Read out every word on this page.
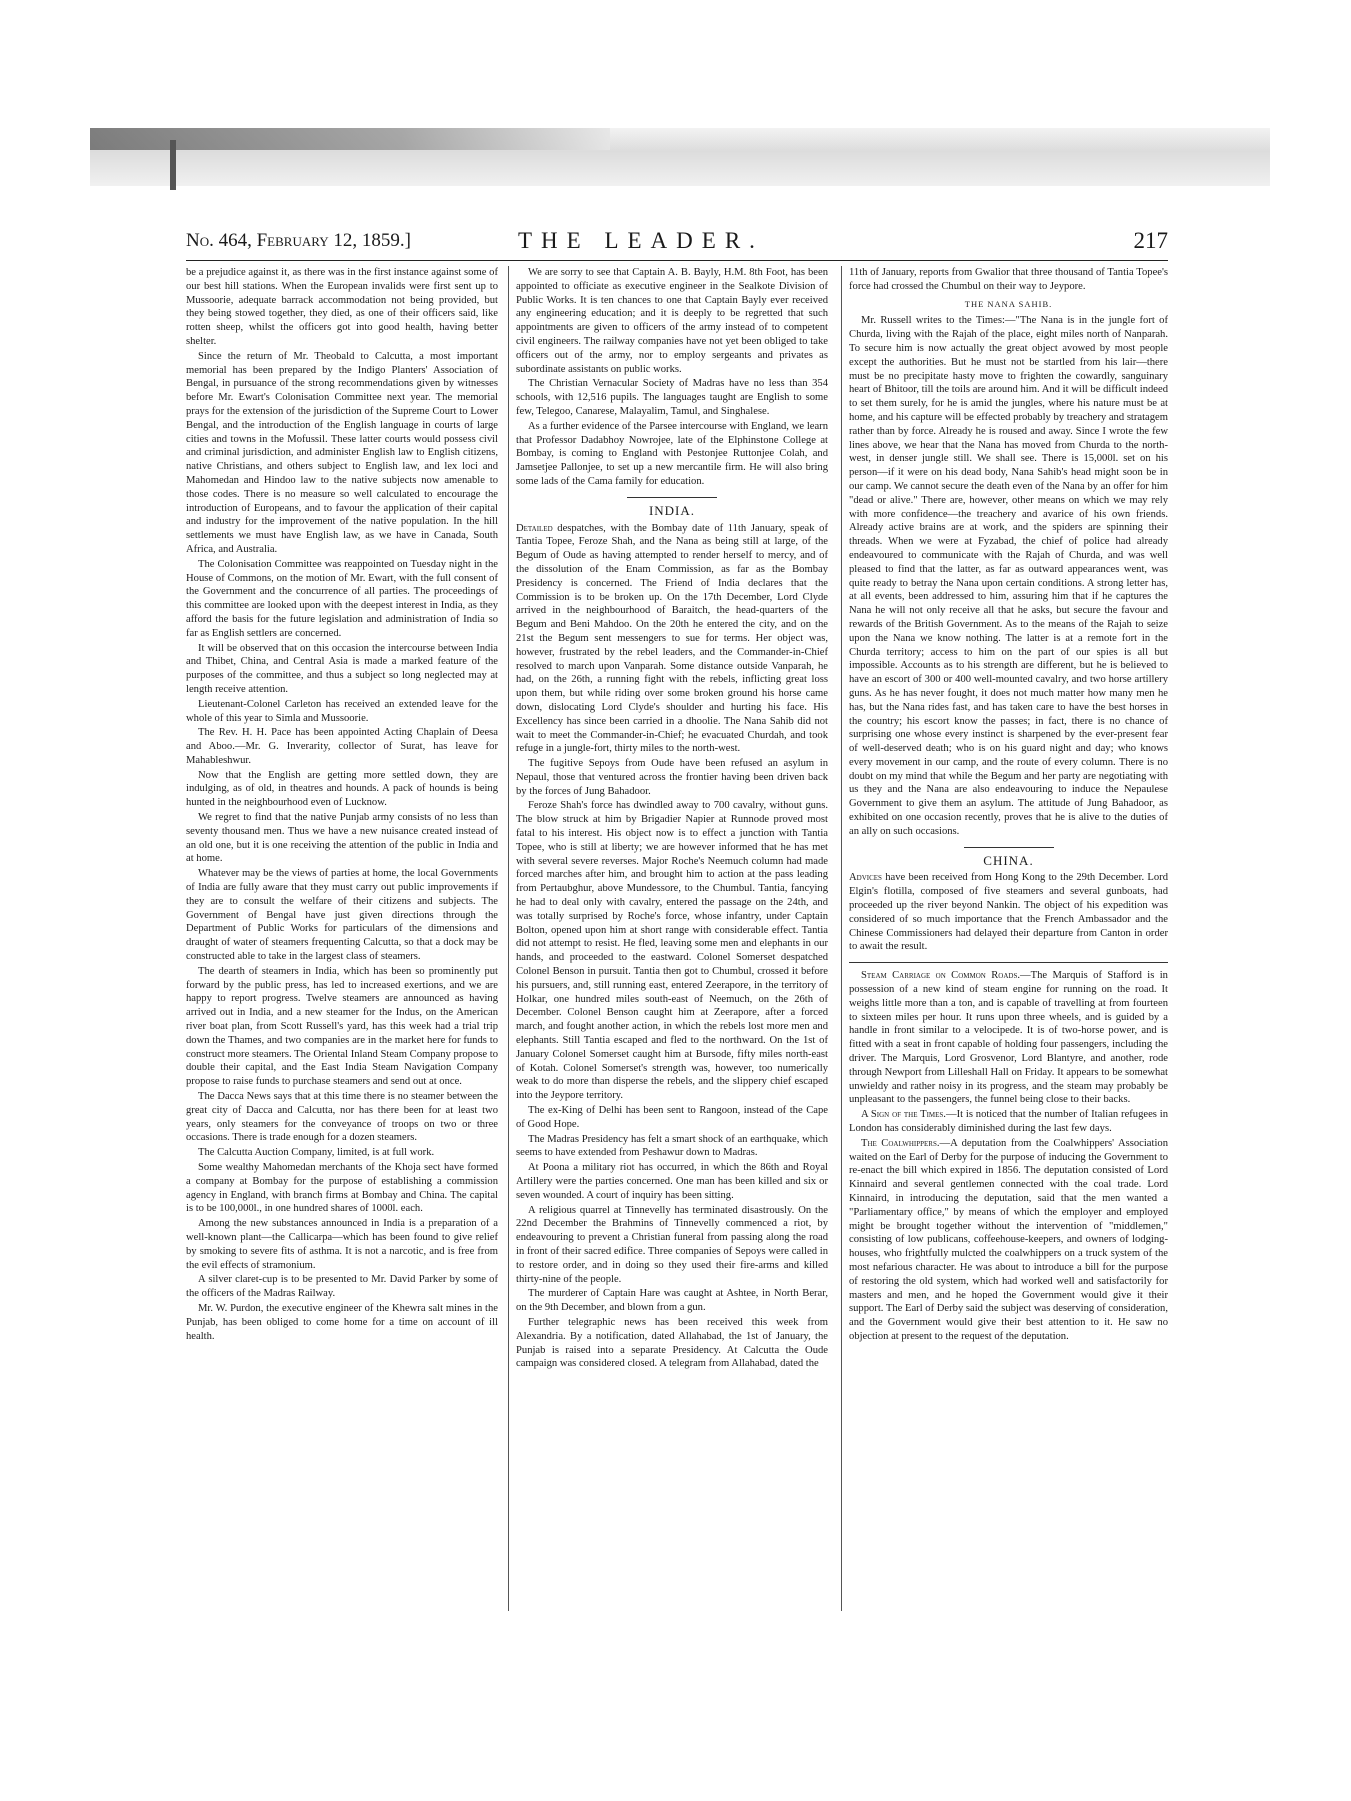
No. 464, February 12, 1859.]	THE LEADER.	217

be a prejudice against it, as there was in the first instance against some of our best hill stations. When the European invalids were first sent up to Mussoorie, adequate barrack accommodation not being provided, but they being stowed together, they died, as one of their officers said, like rotten sheep, whilst the officers got into good health, having better shelter.

Since the return of Mr. Theobald to Calcutta, a most important memorial has been prepared by the Indigo Planters' Association of Bengal, in pursuance of the strong recommendations given by witnesses before Mr. Ewart's Colonisation Committee next year. The memorial prays for the extension of the jurisdiction of the Supreme Court to Lower Bengal, and the introduction of the English language in courts of large cities and towns in the Mofussil. These latter courts would possess civil and criminal jurisdiction, and administer English law to English citizens, native Christians, and others subject to English law, and lex loci and Mahomedan and Hindoo law to the native subjects now amenable to those codes. There is no measure so well calculated to encourage the introduction of Europeans, and to favour the application of their capital and industry for the improvement of the native population. In the hill settlements we must have English law, as we have in Canada, South Africa, and Australia.

The Colonisation Committee was reappointed on Tuesday night in the House of Commons, on the motion of Mr. Ewart, with the full consent of the Government and the concurrence of all parties. The proceedings of this committee are looked upon with the deepest interest in India, as they afford the basis for the future legislation and administration of India so far as English settlers are concerned.

It will be observed that on this occasion the intercourse between India and Thibet, China, and Central Asia is made a marked feature of the purposes of the committee, and thus a subject so long neglected may at length receive attention.

Lieutenant-Colonel Carleton has received an extended leave for the whole of this year to Simla and Mussoorie.

The Rev. H. H. Pace has been appointed Acting Chaplain of Deesa and Aboo.—Mr. G. Inverarity, collector of Surat, has leave for Mahableshwur.

Now that the English are getting more settled down, they are indulging, as of old, in theatres and hounds. A pack of hounds is being hunted in the neighbourhood even of Lucknow.

We regret to find that the native Punjab army consists of no less than seventy thousand men. Thus we have a new nuisance created instead of an old one, but it is one receiving the attention of the public in India and at home.

Whatever may be the views of parties at home, the local Governments of India are fully aware that they must carry out public improvements if they are to consult the welfare of their citizens and subjects. The Government of Bengal have just given directions through the Department of Public Works for particulars of the dimensions and draught of water of steamers frequenting Calcutta, so that a dock may be constructed able to take in the largest class of steamers.

The dearth of steamers in India, which has been so prominently put forward by the public press, has led to increased exertions, and we are happy to report progress. Twelve steamers are announced as having arrived out in India, and a new steamer for the Indus, on the American river boat plan, from Scott Russell's yard, has this week had a trial trip down the Thames, and two companies are in the market here for funds to construct more steamers. The Oriental Inland Steam Company propose to double their capital, and the East India Steam Navigation Company propose to raise funds to purchase steamers and send out at once.

The Dacca News says that at this time there is no steamer between the great city of Dacca and Calcutta, nor has there been for at least two years, only steamers for the conveyance of troops on two or three occasions. There is trade enough for a dozen steamers.

The Calcutta Auction Company, limited, is at full work.

Some wealthy Mahomedan merchants of the Khoja sect have formed a company at Bombay for the purpose of establishing a commission agency in England, with branch firms at Bombay and China. The capital is to be 100,000l., in one hundred shares of 1000l. each.

Among the new substances announced in India is a preparation of a well-known plant—the Callicarpa—which has been found to give relief by smoking to severe fits of asthma. It is not a narcotic, and is free from the evil effects of stramonium.

A silver claret-cup is to be presented to Mr. David Parker by some of the officers of the Madras Railway.

Mr. W. Purdon, the executive engineer of the Khewra salt mines in the Punjab, has been obliged to come home for a time on account of ill health.

We are sorry to see that Captain A. B. Bayly, H.M. 8th Foot, has been appointed to officiate as executive engineer in the Sealkote Division of Public Works. It is ten chances to one that Captain Bayly ever received any engineering education; and it is deeply to be regretted that such appointments are given to officers of the army instead of to competent civil engineers. The railway companies have not yet been obliged to take officers out of the army, nor to employ sergeants and privates as subordinate assistants on public works.

The Christian Vernacular Society of Madras have no less than 354 schools, with 12,516 pupils. The languages taught are English to some few, Telegoo, Canarese, Malayalim, Tamul, and Singhalese.

As a further evidence of the Parsee intercourse with England, we learn that Professor Dadabhoy Nowrojee, late of the Elphinstone College at Bombay, is coming to England with Pestonjee Ruttonjee Colah, and Jamsetjee Pallonjee, to set up a new mercantile firm. He will also bring some lads of the Cama family for education.

INDIA.

Detailed despatches, with the Bombay date of 11th January, speak of Tantia Topee, Feroze Shah, and the Nana as being still at large, of the Begum of Oude as having attempted to render herself to mercy, and of the dissolution of the Enam Commission, as far as the Bombay Presidency is concerned. The Friend of India declares that the Commission is to be broken up. On the 17th December, Lord Clyde arrived in the neighbourhood of Baraitch, the head-quarters of the Begum and Beni Mahdoo. On the 20th he entered the city, and on the 21st the Begum sent messengers to sue for terms. Her object was, however, frustrated by the rebel leaders, and the Commander-in-Chief resolved to march upon Vanparah. Some distance outside Vanparah, he had, on the 26th, a running fight with the rebels, inflicting great loss upon them, but while riding over some broken ground his horse came down, dislocating Lord Clyde's shoulder and hurting his face. His Excellency has since been carried in a dhoolie. The Nana Sahib did not wait to meet the Commander-in-Chief; he evacuated Churdah, and took refuge in a jungle-fort, thirty miles to the north-west.

The fugitive Sepoys from Oude have been refused an asylum in Nepaul, those that ventured across the frontier having been driven back by the forces of Jung Bahadoor.

Feroze Shah's force has dwindled away to 700 cavalry, without guns. The blow struck at him by Brigadier Napier at Runnode proved most fatal to his interest. His object now is to effect a junction with Tantia Topee, who is still at liberty; we are however informed that he has met with several severe reverses. Major Roche's Neemuch column had made forced marches after him, and brought him to action at the pass leading from Pertaubghur, above Mundessore, to the Chumbul. Tantia, fancying he had to deal only with cavalry, entered the passage on the 24th, and was totally surprised by Roche's force, whose infantry, under Captain Bolton, opened upon him at short range with considerable effect. Tantia did not attempt to resist. He fled, leaving some men and elephants in our hands, and proceeded to the eastward. Colonel Somerset despatched Colonel Benson in pursuit. Tantia then got to Chumbul, crossed it before his pursuers, and, still running east, entered Zeerapore, in the territory of Holkar, one hundred miles south-east of Neemuch, on the 26th of December. Colonel Benson caught him at Zeerapore, after a forced march, and fought another action, in which the rebels lost more men and elephants. Still Tantia escaped and fled to the northward. On the 1st of January Colonel Somerset caught him at Bursode, fifty miles north-east of Kotah. Colonel Somerset's strength was, however, too numerically weak to do more than disperse the rebels, and the slippery chief escaped into the Jeypore territory.

The ex-King of Delhi has been sent to Rangoon, instead of the Cape of Good Hope.

The Madras Presidency has felt a smart shock of an earthquake, which seems to have extended from Peshawur down to Madras.

At Poona a military riot has occurred, in which the 86th and Royal Artillery were the parties concerned. One man has been killed and six or seven wounded. A court of inquiry has been sitting.

A religious quarrel at Tinnevelly has terminated disastrously. On the 22nd December the Brahmins of Tinnevelly commenced a riot, by endeavouring to prevent a Christian funeral from passing along the road in front of their sacred edifice. Three companies of Sepoys were called in to restore order, and in doing so they used their fire-arms and killed thirty-nine of the people.

The murderer of Captain Hare was caught at Ashtee, in North Berar, on the 9th December, and blown from a gun.

Further telegraphic news has been received this week from Alexandria. By a notification, dated Allahabad, the 1st of January, the Punjab is raised into a separate Presidency. At Calcutta the Oude campaign was considered closed. A telegram from Allahabad, dated the

11th of January, reports from Gwalior that three thousand of Tantia Topee's force had crossed the Chumbul on their way to Jeypore.

THE NANA SAHIB.

Mr. Russell writes to the Times:—"The Nana is in the jungle fort of Churda, living with the Rajah of the place, eight miles north of Nanparah. To secure him is now actually the great object avowed by most people except the authorities. But he must not be startled from his lair—there must be no precipitate hasty move to frighten the cowardly, sanguinary heart of Bhitoor, till the toils are around him. And it will be difficult indeed to set them surely, for he is amid the jungles, where his nature must be at home, and his capture will be effected probably by treachery and stratagem rather than by force. Already he is roused and away. Since I wrote the few lines above, we hear that the Nana has moved from Churda to the north-west, in denser jungle still. We shall see. There is 15,000l. set on his person—if it were on his dead body, Nana Sahib's head might soon be in our camp. We cannot secure the death even of the Nana by an offer for him "dead or alive." There are, however, other means on which we may rely with more confidence—the treachery and avarice of his own friends. Already active brains are at work, and the spiders are spinning their threads. When we were at Fyzabad, the chief of police had already endeavoured to communicate with the Rajah of Churda, and was well pleased to find that the latter, as far as outward appearances went, was quite ready to betray the Nana upon certain conditions. A strong letter has, at all events, been addressed to him, assuring him that if he captures the Nana he will not only receive all that he asks, but secure the favour and rewards of the British Government. As to the means of the Rajah to seize upon the Nana we know nothing. The latter is at a remote fort in the Churda territory; access to him on the part of our spies is all but impossible. Accounts as to his strength are different, but he is believed to have an escort of 300 or 400 well-mounted cavalry, and two horse artillery guns. As he has never fought, it does not much matter how many men he has, but the Nana rides fast, and has taken care to have the best horses in the country; his escort know the passes; in fact, there is no chance of surprising one whose every instinct is sharpened by the ever-present fear of well-deserved death; who is on his guard night and day; who knows every movement in our camp, and the route of every column. There is no doubt on my mind that while the Begum and her party are negotiating with us they and the Nana are also endeavouring to induce the Nepaulese Government to give them an asylum. The attitude of Jung Bahadoor, as exhibited on one occasion recently, proves that he is alive to the duties of an ally on such occasions.

CHINA.

Advices have been received from Hong Kong to the 29th December. Lord Elgin's flotilla, composed of five steamers and several gunboats, had proceeded up the river beyond Nankin. The object of his expedition was considered of so much importance that the French Ambassador and the Chinese Commissioners had delayed their departure from Canton in order to await the result.

Steam Carriage on Common Roads.—The Marquis of Stafford is in possession of a new kind of steam engine for running on the road. It weighs little more than a ton, and is capable of travelling at from fourteen to sixteen miles per hour. It runs upon three wheels, and is guided by a handle in front similar to a velocipede. It is of two-horse power, and is fitted with a seat in front capable of holding four passengers, including the driver. The Marquis, Lord Grosvenor, Lord Blantyre, and another, rode through Newport from Lilleshall Hall on Friday. It appears to be somewhat unwieldy and rather noisy in its progress, and the steam may probably be unpleasant to the passengers, the funnel being close to their backs.

A Sign of the Times.—It is noticed that the number of Italian refugees in London has considerably diminished during the last few days.

The Coalwhippers.—A deputation from the Coalwhippers' Association waited on the Earl of Derby for the purpose of inducing the Government to re-enact the bill which expired in 1856. The deputation consisted of Lord Kinnaird and several gentlemen connected with the coal trade. Lord Kinnaird, in introducing the deputation, said that the men wanted a "Parliamentary office," by means of which the employer and employed might be brought together without the intervention of "middlemen," consisting of low publicans, coffeehouse-keepers, and owners of lodging-houses, who frightfully mulcted the coalwhippers on a truck system of the most nefarious character. He was about to introduce a bill for the purpose of restoring the old system, which had worked well and satisfactorily for masters and men, and he hoped the Government would give it their support. The Earl of Derby said the subject was deserving of consideration, and the Government would give their best attention to it. He saw no objection at present to the request of the deputation.
